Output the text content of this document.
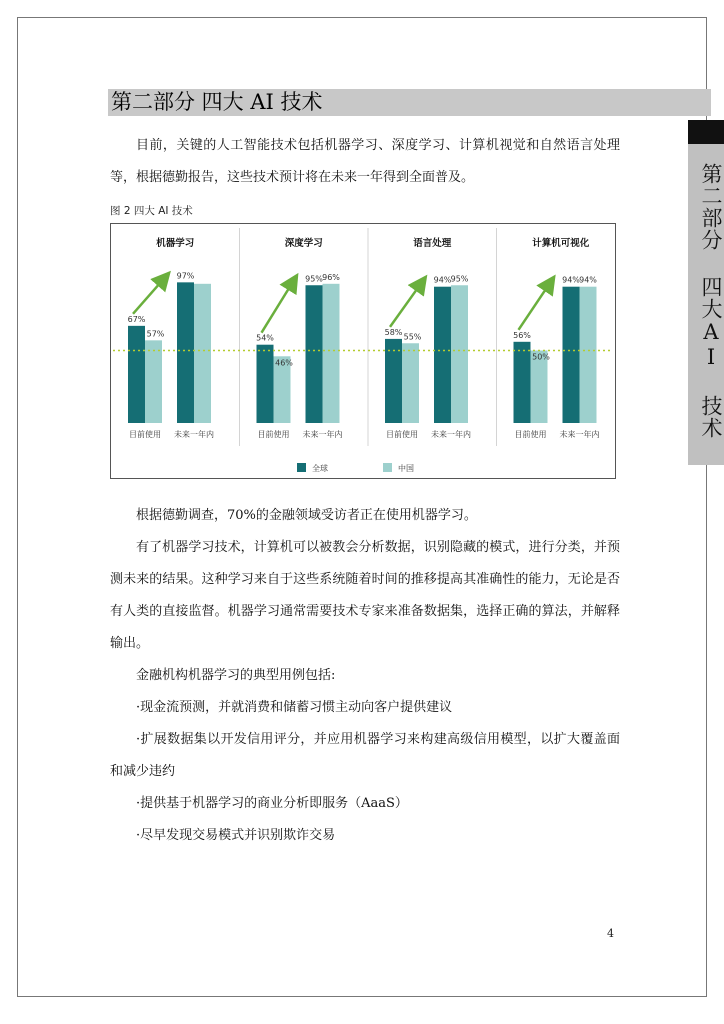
第二部分 四大 AI 技术
第二部分 四大AI 技术
目前，关键的人工智能技术包括机器学习、深度学习、计算机视觉和自然语言处理等，根据德勤报告，这些技术预计将在未来一年得到全面普及。
图 2 四大 AI 技术
机器学习
67%
57%
目前使用
97%
未来一年内
深度学习
54%
46%
目前使用
95% 96%
未来一年内
语言处理
58% 55%
目前使用
94% 95%
未来一年内
计算机可视化
56%
50%
目前使用
94% 94%
未来一年内
全球	中国
根据德勤调查，70%的金融领域受访者正在使用机器学习。
有了机器学习技术，计算机可以被教会分析数据，识别隐藏的模式，进行分类，并预测未来的结果。这种学习来自于这些系统随着时间的推移提高其准确性的能力，无论是否有人类的直接监督。机器学习通常需要技术专家来准备数据集，选择正确的算法，并解释输出。
金融机构机器学习的典型用例包括:
·现金流预测，并就消费和储蓄习惯主动向客户提供建议
·扩展数据集以开发信用评分，并应用机器学习来构建高级信用模型，以扩大覆盖面和减少违约
·提供基于机器学习的商业分析即服务（AaaS）
·尽早发现交易模式并识别欺诈交易
4
